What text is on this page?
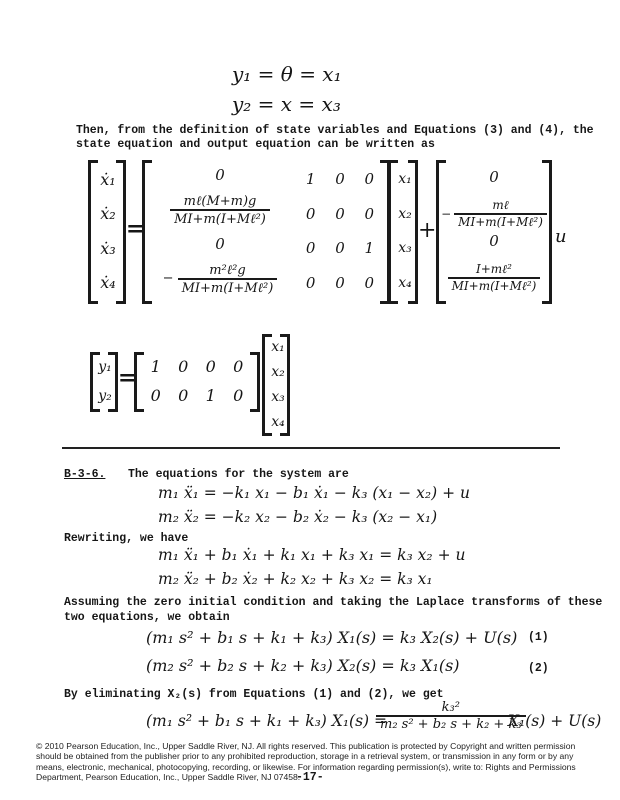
y₁ = θ = x₁
y₂ = x = x₃
Then, from the definition of state variables and Equations (3) and (4), the
state equation and output equation can be written as
ẋ₁
ẋ₂
ẋ₃
ẋ₄
=
0
$\frac{\text{mℓ(M+m)g}}{\text{MI+m(I+Mℓ²)}}$
0
− $\frac{\text{m²ℓ²g}}{\text{MI+m(I+Mℓ²)}}$
1 0 0
0 0 0
0 0 1
0 0 0
x₁
x₂
x₃
x₄
+
0
− $\frac{\text{mℓ}}{\text{MI+m(I+Mℓ²)}}$
0
$\frac{\text{I+mℓ²}}{\text{MI+m(I+Mℓ²)}}$
u
y₁
y₂
= 1 0 0 0
0 0 1 0
x₁
x₂
x₃
x₄
B-3-6. The equations for the system are
m₁ ẍ₁ = −k₁ x₁ − b₁ ẋ₁ − k₃ (x₁ − x₂) + u
m₂ ẍ₂ = −k₂ x₂ − b₂ ẋ₂ − k₃ (x₂ − x₁)
Rewriting, we have
m₁ ẍ₁ + b₁ ẋ₁ + k₁ x₁ + k₃ x₁ = k₃ x₂ + u
m₂ ẍ₂ + b₂ ẋ₂ + k₂ x₂ + k₃ x₂ = k₃ x₁
Assuming the zero initial condition and taking the Laplace transforms of these
two equations, we obtain
(m₁ s² + b₁ s + k₁ + k₃) X₁(s) = k₃ X₂(s) + U(s) (1)
(m₂ s² + b₂ s + k₂ + k₃) X₂(s) = k₃ X₁(s)	(2)
By eliminating X₂(s) from Equations (1) and (2), we get
(m₁ s² + b₁ s + k₁ + k₃) X₁(s) =
$\frac{\text{k₃²}}{\text{m₂ s² + b₂ s + k₂ + k₃}}$
X₁(s) + U(s)
© 2010 Pearson Education, Inc., Upper Saddle River, NJ. All rights reserved. This publication is protected by Copyright and written permission should be obtained from the publisher prior to any prohibited reproduction, storage in a retrieval system, or transmission in any form or by any means, electronic, mechanical, photocopying, recording, or likewise. For information regarding permission(s), write to: Rights and Permissions Department, Pearson Education, Inc., Upper Saddle River, NJ 07458.
-17-
